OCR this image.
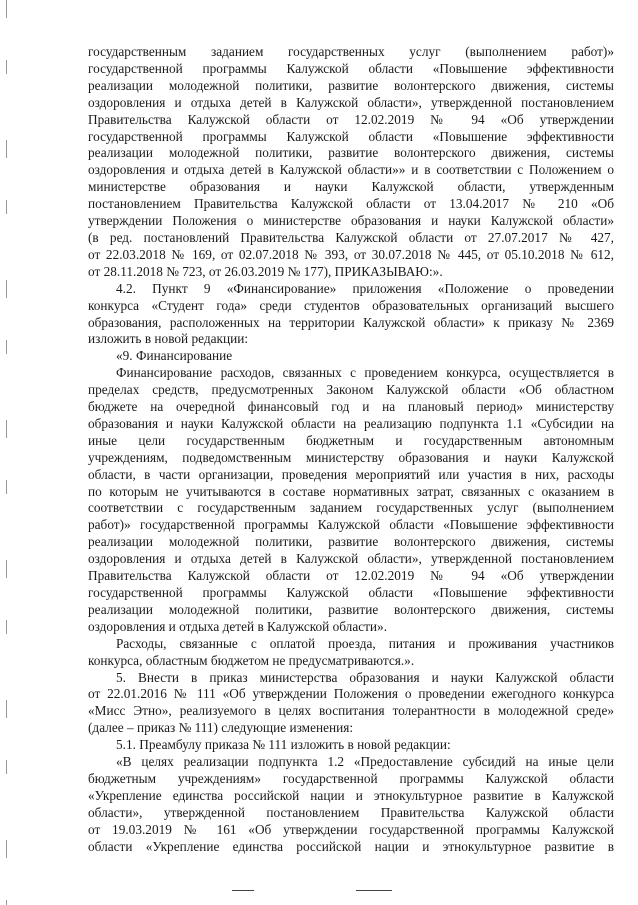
государственным заданием государственных услуг (выполнением работ)»
государственной программы Калужской области «Повышение эффективности
реализации молодежной политики, развитие волонтерского движения, системы
оздоровления и отдыха детей в Калужской области», утвержденной постановлением
Правительства Калужской области от 12.02.2019 № 94 «Об утверждении
государственной программы Калужской области «Повышение эффективности
реализации молодежной политики, развитие волонтерского движения, системы
оздоровления и отдыха детей в Калужской области»» и в соответствии с Положением о
министерстве образования и науки Калужской области, утвержденным
постановлением Правительства Калужской области от 13.04.2017 № 210 «Об
утверждении Положения о министерстве образования и науки Калужской области»
(в ред. постановлений Правительства Калужской области от 27.07.2017 № 427,
от 22.03.2018 № 169, от 02.07.2018 № 393, от 30.07.2018 № 445, от 05.10.2018 № 612,
от 28.11.2018 № 723, от 26.03.2019 № 177), ПРИКАЗЫВАЮ:».

4.2. Пункт 9 «Финансирование» приложения «Положение о проведении
конкурса «Студент года» среди студентов образовательных организаций высшего
образования, расположенных на территории Калужской области» к приказу № 2369
изложить в новой редакции:

«9. Финансирование

Финансирование расходов, связанных с проведением конкурса, осуществляется в
пределах средств, предусмотренных Законом Калужской области «Об областном
бюджете на очередной финансовый год и на плановый период» министерству
образования и науки Калужской области на реализацию подпункта 1.1 «Субсидии на
иные цели государственным бюджетным и государственным автономным
учреждениям, подведомственным министерству образования и науки Калужской
области, в части организации, проведения мероприятий или участия в них, расходы
по которым не учитываются в составе нормативных затрат, связанных с оказанием в
соответствии с государственным заданием государственных услуг (выполнением
работ)» государственной программы Калужской области «Повышение эффективности
реализации молодежной политики, развитие волонтерского движения, системы
оздоровления и отдыха детей в Калужской области», утвержденной постановлением
Правительства Калужской области от 12.02.2019 № 94 «Об утверждении
государственной программы Калужской области «Повышение эффективности
реализации молодежной политики, развитие волонтерского движения, системы
оздоровления и отдыха детей в Калужской области».

Расходы, связанные с оплатой проезда, питания и проживания участников
конкурса, областным бюджетом не предусматриваются.».

5. Внести в приказ министерства образования и науки Калужской области
от 22.01.2016 № 111 «Об утверждении Положения о проведении ежегодного конкурса
«Мисс Этно», реализуемого в целях воспитания толерантности в молодежной среде»
(далее – приказ № 111) следующие изменения:

5.1. Преамбулу приказа № 111 изложить в новой редакции:

«В целях реализации подпункта 1.2 «Предоставление субсидий на иные цели
бюджетным учреждениям» государственной программы Калужской области
«Укрепление единства российской нации и этнокультурное развитие в Калужской
области», утвержденной постановлением Правительства Калужской области
от 19.03.2019 № 161 «Об утверждении государственной программы Калужской
области «Укрепление единства российской нации и этнокультурное развитие в
